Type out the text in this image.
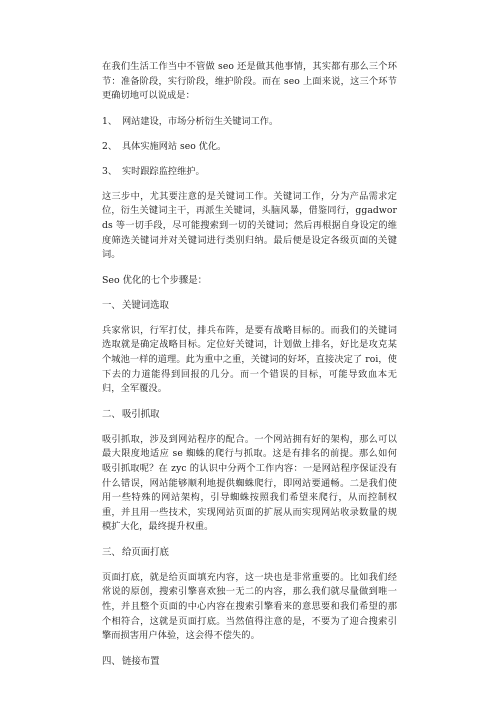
在我们生活工作当中不管做 seo 还是做其他事情，其实都有那么三个环节：准备阶段，实行阶段，维护阶段。而在 seo 上面来说，这三个环节更确切地可以说成是：

1、 网站建设，市场分析衍生关键词工作。
2、 具体实施网站 seo 优化。
3、 实时跟踪监控维护。

这三步中，尤其要注意的是关键词工作。关键词工作，分为产品需求定位，衍生关键词主干，再派生关键词，头脑风暴，借鉴同行，ggadwords 等一切手段，尽可能搜索到一切的关键词；然后再根据自身设定的维度筛选关键词并对关键词进行类别归纳。最后便是设定各级页面的关键词。

Seo 优化的七个步骤是：
一、关键词选取

兵家常识，行军打仗，排兵布阵，是要有战略目标的。而我们的关键词选取就是确定战略目标。定位好关键词，计划做上排名，好比是攻克某个城池一样的道理。此为重中之重，关键词的好坏，直接决定了 roi，使下去的力道能得到回报的几分。而一个错误的目标，可能导致血本无归，全军覆没。

二、吸引抓取

吸引抓取，涉及到网站程序的配合。一个网站拥有好的架构，那么可以最大限度地适应 se 蜘蛛的爬行与抓取。这是有排名的前提。那么如何吸引抓取呢？在 zyc 的认识中分两个工作内容：一是网站程序保证没有什么错误，网站能够顺利地提供蜘蛛爬行，即网站要通畅。二是我们使用一些特殊的网站架构，引导蜘蛛按照我们希望来爬行，从而控制权重，并且用一些技术，实现网站页面的扩展从而实现网站收录数量的规模扩大化，最终提升权重。

三、给页面打底

页面打底，就是给页面填充内容，这一块也是非常重要的。比如我们经常说的原创，搜索引擎喜欢独一无二的内容，那么我们就尽量做到唯一性，并且整个页面的中心内容在搜索引擎看来的意思要和我们希望的那个相符合，这就是页面打底。当然值得注意的是，不要为了迎合搜索引擎而损害用户体验，这会得不偿失的。

四、链接布置
